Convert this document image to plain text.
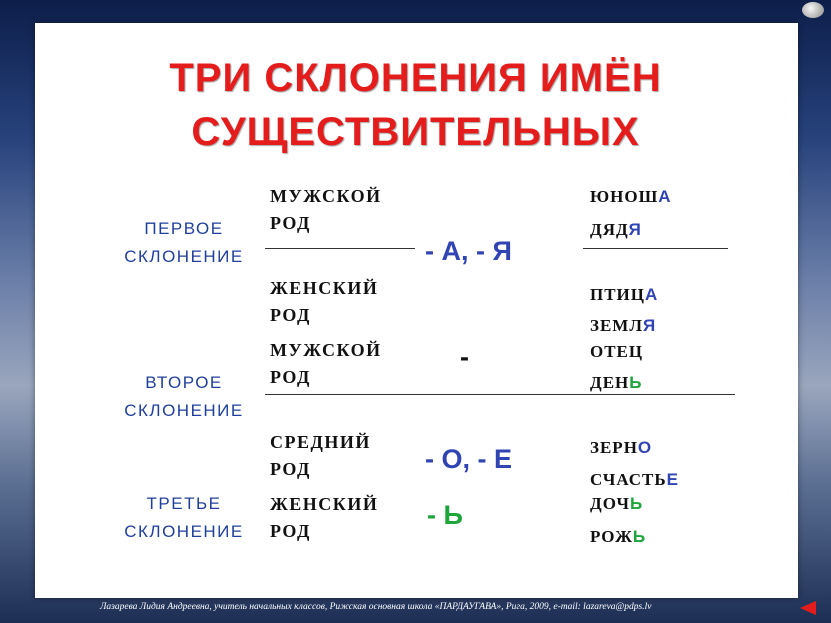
ТРИ СКЛОНЕНИЯ ИМЁН
СУЩЕСТВИТЕЛЬНЫХ
ПЕРВОЕ
СКЛОНЕНИЕ
ВТОРОЕ
СКЛОНЕНИЕ
ТРЕТЬЕ
СКЛОНЕНИЕ
МУЖСКОЙ
РОД
ЖЕНСКИЙ
РОД
МУЖСКОЙ
РОД
СРЕДНИЙ
РОД
ЖЕНСКИЙ
РОД
- А, - Я
-
- О, - Е
- Ь
ЮНОША
ДЯДЯ
ПТИЦА
ЗЕМЛЯ
ОТЕЦ
ДЕНЬ
ЗЕРНО
СЧАСТЬЕ
ДОЧЬ
РОЖЬ
Лазарева Лидия Андреевна, учитель начальных классов, Рижская основная школа «ПАРДАУГАВА», Рига, 2009, e-mail: lazareva@pdps.lv
